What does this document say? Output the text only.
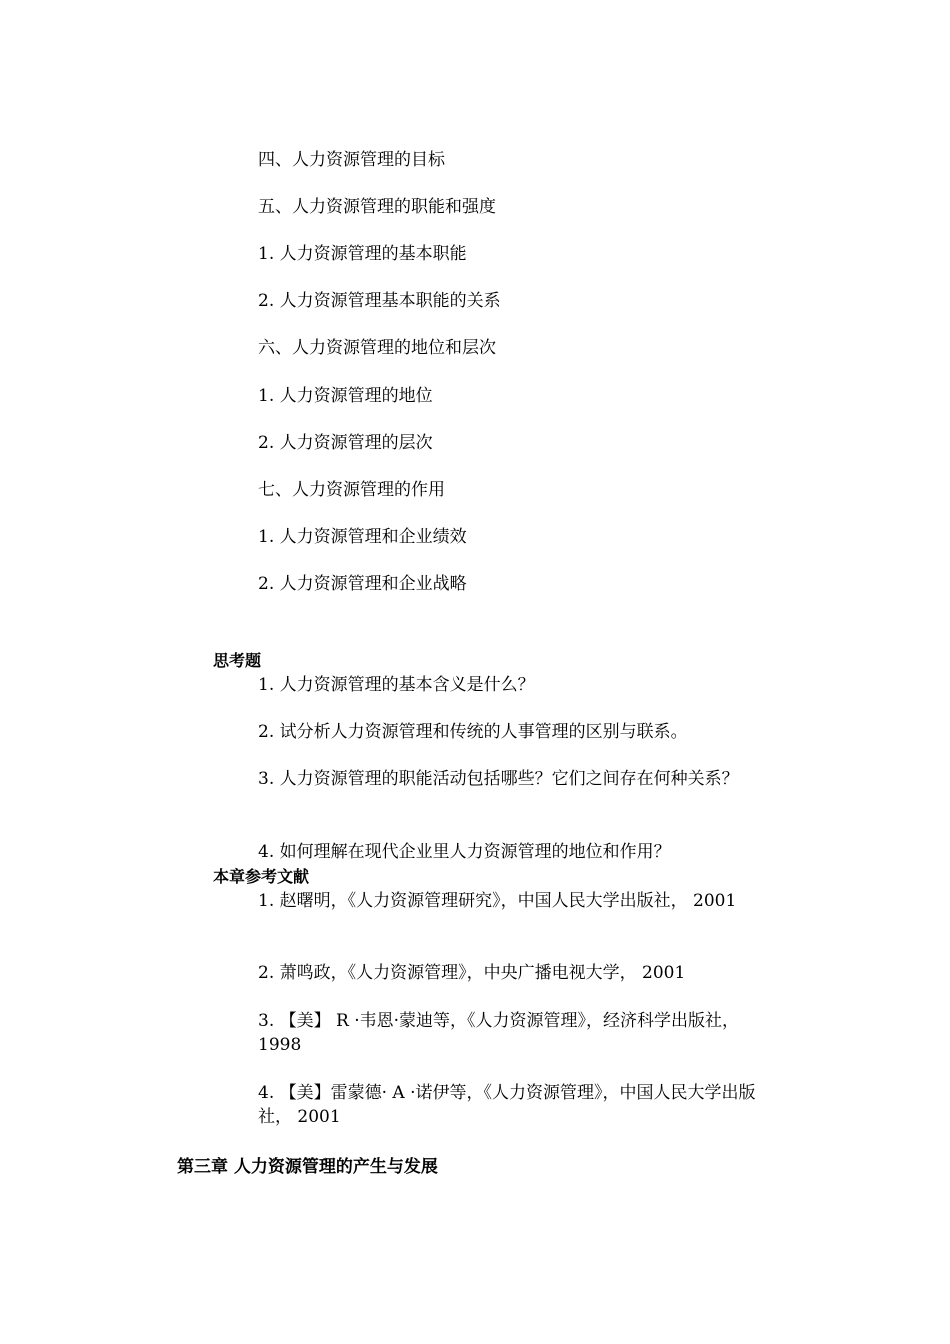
四、人力资源管理的目标
五、人力资源管理的职能和强度
1. 人力资源管理的基本职能
2. 人力资源管理基本职能的关系
六、人力资源管理的地位和层次
1. 人力资源管理的地位
2. 人力资源管理的层次
七、人力资源管理的作用
1. 人力资源管理和企业绩效
2. 人力资源管理和企业战略
思考题
1. 人力资源管理的基本含义是什么？
2. 试分析人力资源管理和传统的人事管理的区别与联系。
3. 人力资源管理的职能活动包括哪些？它们之间存在何种关系？
4. 如何理解在现代企业里人力资源管理的地位和作用？
本章参考文献
1. 赵曙明，《人力资源管理研究》，中国人民大学出版社， 2001
2. 萧鸣政，《人力资源管理》，中央广播电视大学， 2001
3. 【美】 R ·韦恩·蒙迪等，《人力资源管理》，经济科学出版社， 1998
4. 【美】雷蒙德· A ·诺伊等，《人力资源管理》，中国人民大学出版社， 2001
第三章 人力资源管理的产生与发展
